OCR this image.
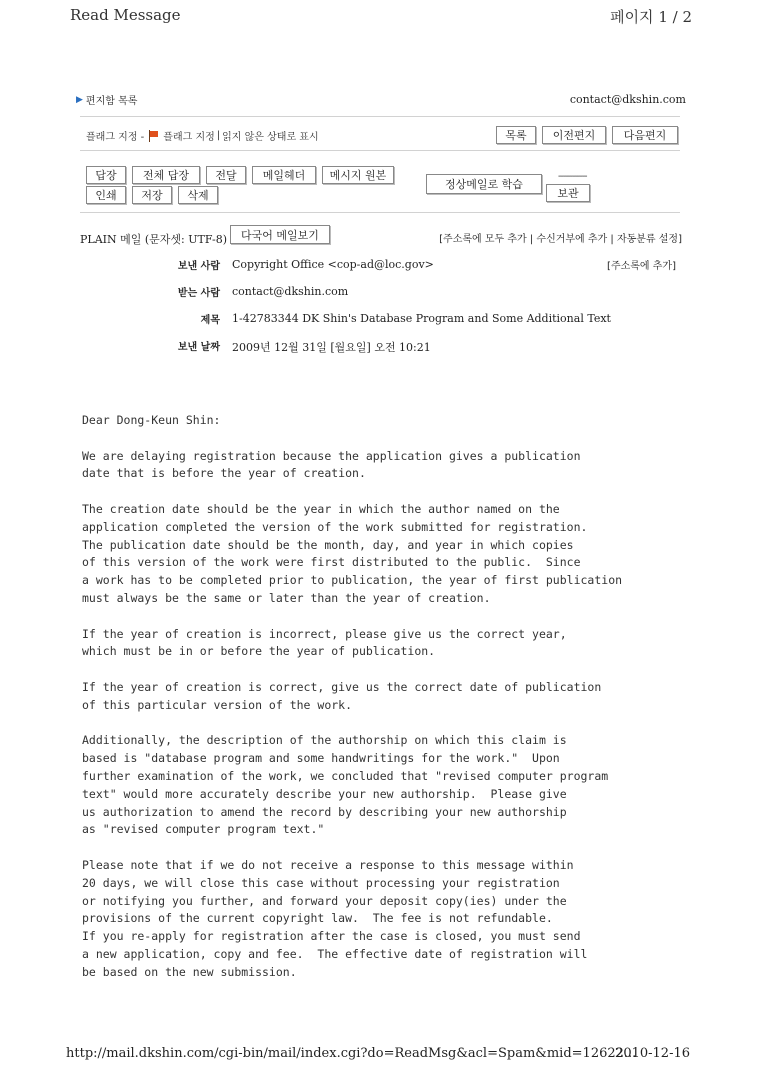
Read Message	페이지 1 / 2
▶ 편지함 목록	contact@dkshin.com
플래그 지정 - 플래그 지정 | 읽지 않은 상태로 표시	목록	이전편지	다음편지
답장	전체 답장	전달	메일헤더	메시지 원본
인쇄	저장	삭제
정상메일로 학습
------------
보관
PLAIN 메일 (문자셋: UTF-8)	다국어 메일보기	[주소록에 모두 추가 | 수신거부에 추가 | 자동분류 설정]
보낸 사람 Copyright Office <cop-ad@loc.gov>	[주소록에 추가]
받는 사람 contact@dkshin.com
제목 1-42783344 DK Shin's Database Program and Some Additional Text
보낸 날짜 2009년 12월 31일 [월요일] 오전 10:21
Dear Dong-Keun Shin:

We are delaying registration because the application gives a publication
date that is before the year of creation.

The creation date should be the year in which the author named on the
application completed the version of the work submitted for registration.
The publication date should be the month, day, and year in which copies
of this version of the work were first distributed to the public.  Since
a work has to be completed prior to publication, the year of first publication
must always be the same or later than the year of creation.

If the year of creation is incorrect, please give us the correct year,
which must be in or before the year of publication.

If the year of creation is correct, give us the correct date of publication
of this particular version of the work.

Additionally, the description of the authorship on which this claim is
based is "database program and some handwritings for the work."  Upon
further examination of the work, we concluded that "revised computer program
text" would more accurately describe your new authorship.  Please give
us authorization to amend the record by describing your new authorship
as "revised computer program text."

Please note that if we do not receive a response to this message within
20 days, we will close this case without processing your registration
or notifying you further, and forward your deposit copy(ies) under the
provisions of the current copyright law.  The fee is not refundable.
If you re-apply for registration after the case is closed, you must send
a new application, copy and fee.  The effective date of registration will
be based on the new submission.
http://mail.dkshin.com/cgi-bin/mail/index.cgi?do=ReadMsg&acl=Spam&mid=12622...
2010-12-16
